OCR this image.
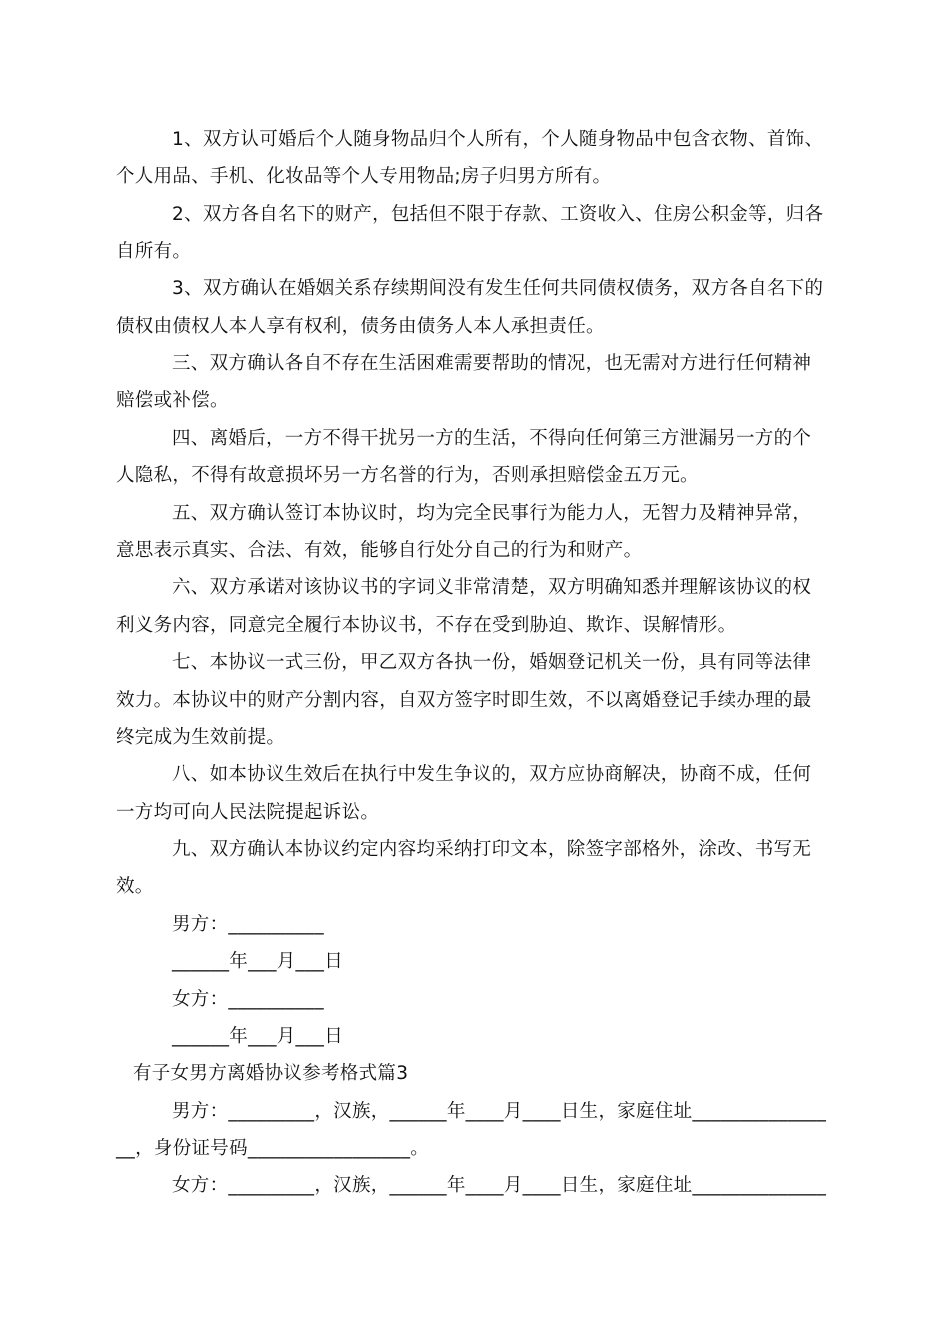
1、双方认可婚后个人随身物品归个人所有，个人随身物品中包含衣物、首饰、
个人用品、手机、化妆品等个人专用物品;房子归男方所有。
2、双方各自名下的财产，包括但不限于存款、工资收入、住房公积金等，归各
自所有。
3、双方确认在婚姻关系存续期间没有发生任何共同债权债务，双方各自名下的
债权由债权人本人享有权利，债务由债务人本人承担责任。
三、双方确认各自不存在生活困难需要帮助的情况，也无需对方进行任何精神
赔偿或补偿。
四、离婚后，一方不得干扰另一方的生活，不得向任何第三方泄漏另一方的个
人隐私，不得有故意损坏另一方名誉的行为，否则承担赔偿金五万元。
五、双方确认签订本协议时，均为完全民事行为能力人，无智力及精神异常，
意思表示真实、合法、有效，能够自行处分自己的行为和财产。
六、双方承诺对该协议书的字词义非常清楚，双方明确知悉并理解该协议的权
利义务内容，同意完全履行本协议书，不存在受到胁迫、欺诈、误解情形。
七、本协议一式三份，甲乙双方各执一份，婚姻登记机关一份，具有同等法律
效力。本协议中的财产分割内容，自双方签字时即生效，不以离婚登记手续办理的最
终完成为生效前提。
八、如本协议生效后在执行中发生争议的，双方应协商解决，协商不成，任何
一方均可向人民法院提起诉讼。
九、双方确认本协议约定内容均采纳打印文本，除签字部格外，涂改、书写无
效。
男方：__________
______年___月___日
女方：__________
______年___月___日
有子女男方离婚协议参考格式篇3
男方：_________，汉族，______年____月____日生，家庭住址______________
__，身份证号码_________________。
女方：_________，汉族，______年____月____日生，家庭住址______________
